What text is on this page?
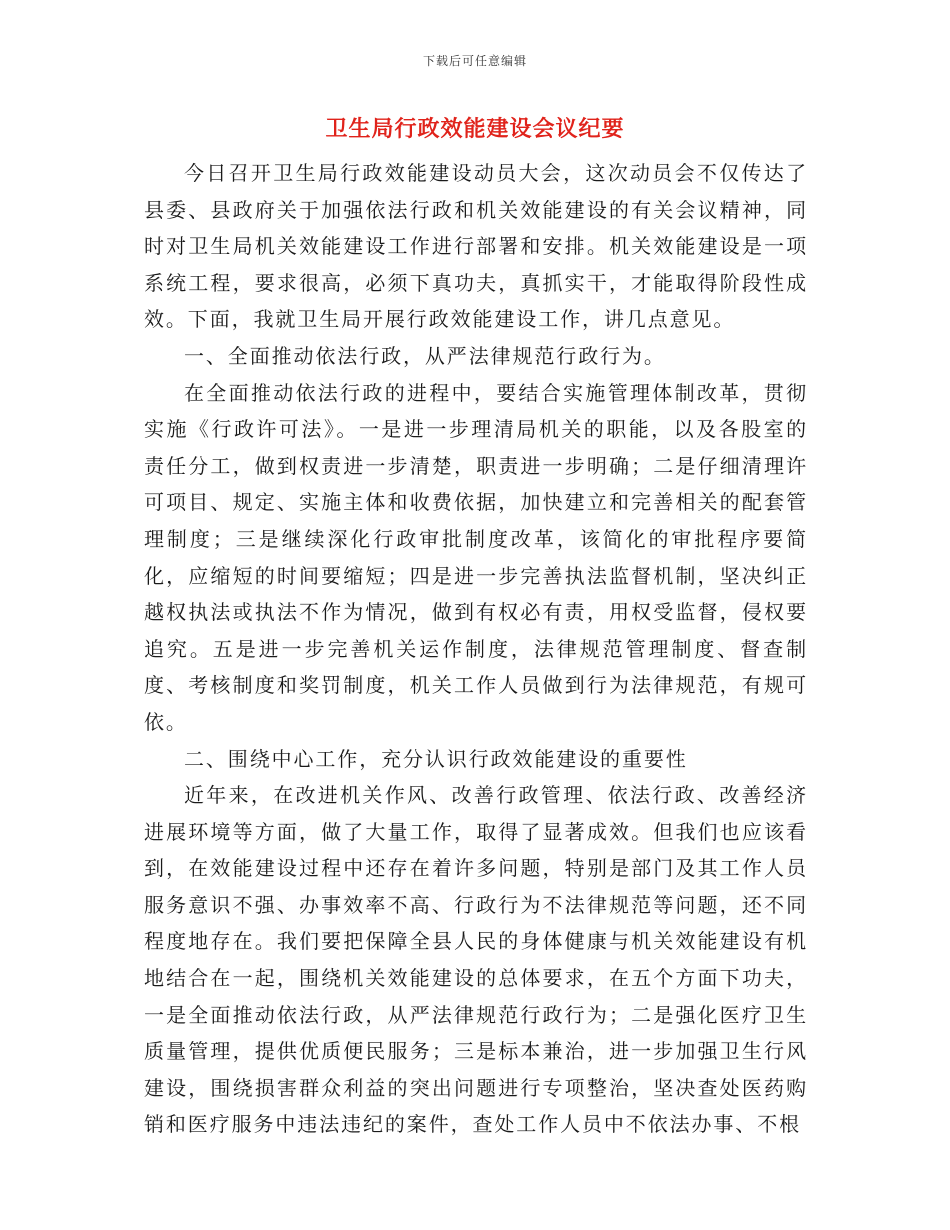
下载后可任意编辑
卫生局行政效能建设会议纪要

今日召开卫生局行政效能建设动员大会，这次动员会不仅传达了县委、县政府关于加强依法行政和机关效能建设的有关会议精神，同时对卫生局机关效能建设工作进行部署和安排。机关效能建设是一项系统工程，要求很高，必须下真功夫，真抓实干，才能取得阶段性成效。下面，我就卫生局开展行政效能建设工作，讲几点意见。

一、全面推动依法行政，从严法律规范行政行为。

在全面推动依法行政的进程中，要结合实施管理体制改革，贯彻实施《行政许可法》。一是进一步理清局机关的职能，以及各股室的责任分工，做到权责进一步清楚，职责进一步明确；二是仔细清理许可项目、规定、实施主体和收费依据，加快建立和完善相关的配套管理制度；三是继续深化行政审批制度改革，该简化的审批程序要简化，应缩短的时间要缩短；四是进一步完善执法监督机制，坚决纠正越权执法或执法不作为情况，做到有权必有责，用权受监督，侵权要追究。五是进一步完善机关运作制度，法律规范管理制度、督查制度、考核制度和奖罚制度，机关工作人员做到行为法律规范，有规可依。

二、围绕中心工作，充分认识行政效能建设的重要性

近年来，在改进机关作风、改善行政管理、依法行政、改善经济进展环境等方面，做了大量工作，取得了显著成效。但我们也应该看到，在效能建设过程中还存在着许多问题，特别是部门及其工作人员服务意识不强、办事效率不高、行政行为不法律规范等问题，还不同程度地存在。我们要把保障全县人民的身体健康与机关效能建设有机地结合在一起，围绕机关效能建设的总体要求，在五个方面下功夫，一是全面推动依法行政，从严法律规范行政行为；二是强化医疗卫生质量管理，提供优质便民服务；三是标本兼治，进一步加强卫生行风建设，围绕损害群众利益的突出问题进行专项整治，坚决查处医药购销和医疗服务中违法违纪的案件，查处工作人员中不依法办事、不根
